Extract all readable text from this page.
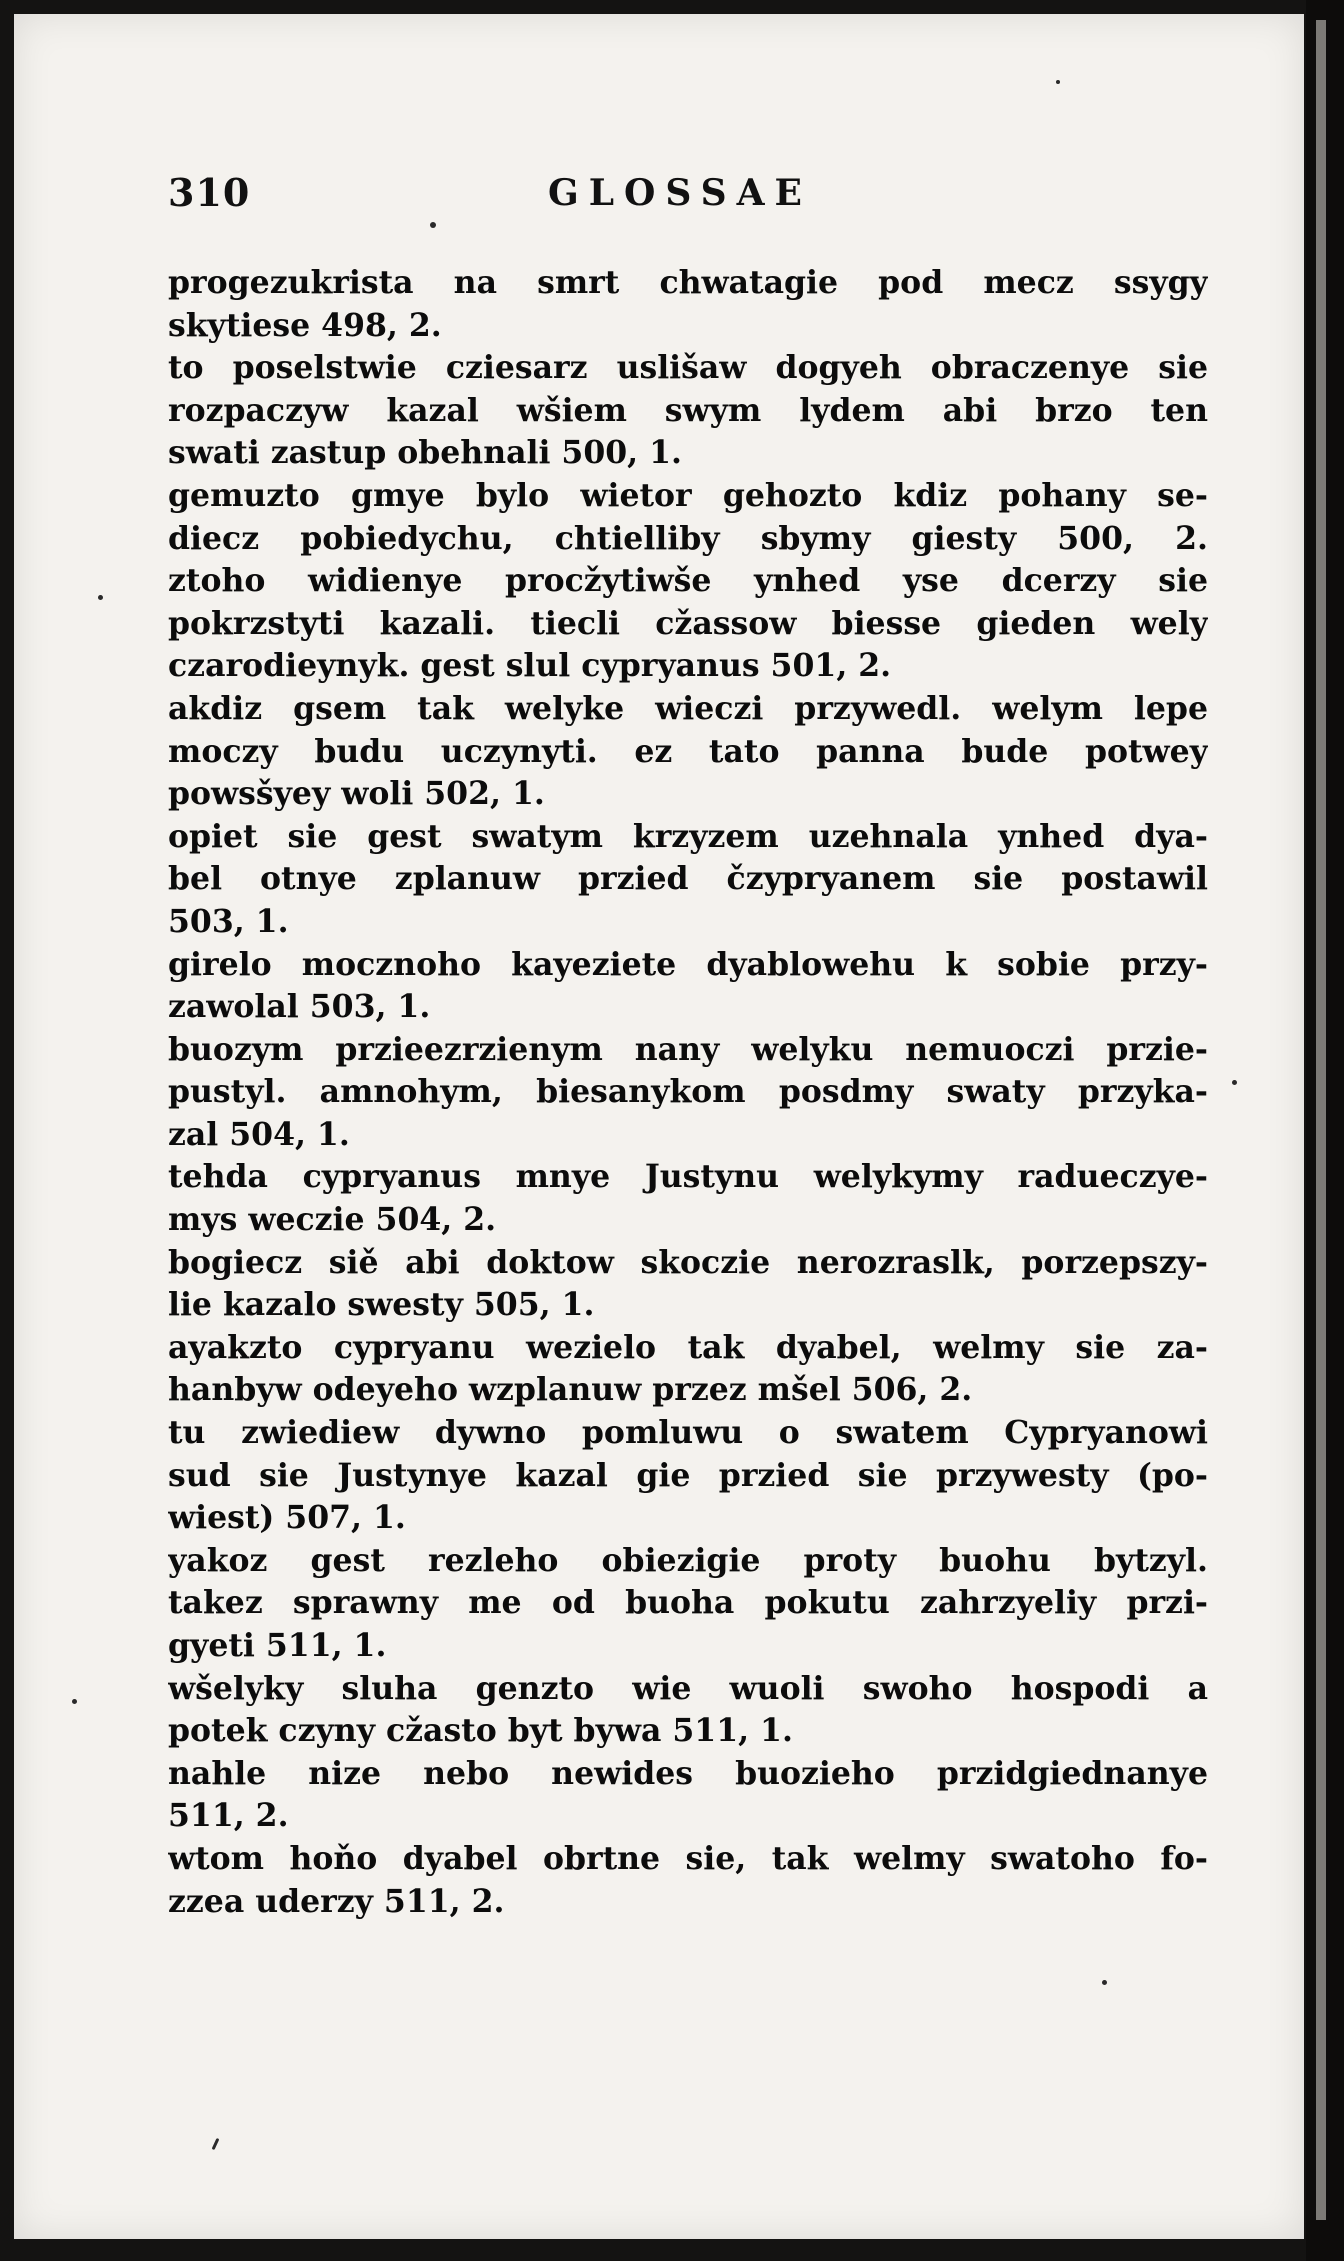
310	GLOSSAE
progezukrista na smrt chwatagie pod mecz ssygy
skytiese 498, 2.
to poselstwie cziesarz uslišaw dogyeh obraczenye sie
rozpaczyw kazal wšiem swym lydem abi brzo ten
swati zastup obehnali 500, 1.
gemuzto gmye bylo wietor gehozto kdiz pohany se-
diecz pobiedychu, chtielliby sbymy giesty 500, 2.
ztoho widienye procžytiwše ynhed yse dcerzy sie
pokrzstyti kazali. tiecli cžassow biesse gieden wely
czarodieynyk. gest slul cypryanus 501, 2.
akdiz gsem tak welyke wieczi przywedl. welym lepe
moczy budu uczynyti. ez tato panna bude potwey
powsšyey woli 502, 1.
opiet sie gest swatym krzyzem uzehnala ynhed dya-
bel otnye zplanuw przied čzypryanem sie postawil
503, 1.
girelo mocznoho kayeziete dyablowehu k sobie przy-
zawolal 503, 1.
buozym przieezrzienym nany welyku nemuoczi przie-
pustyl. amnohym, biesanykom posdmy swaty przyka-
zal 504, 1.
tehda cypryanus mnye Justynu welykymy radueczye-
mys weczie 504, 2.
bogiecz siě abi doktow skoczie nerozraslk, porzepszy-
lie kazalo swesty 505, 1.
ayakzto cypryanu wezielo tak dyabel, welmy sie za-
hanbyw odeyeho wzplanuw przez mšel 506, 2.
tu zwiediew dywno pomluwu o swatem Cypryanowi
sud sie Justynye kazal gie przied sie przywesty (po-
wiest) 507, 1.
yakoz gest rezleho obiezigie prоty buohu bytzyl.
takez sprawny me od buoha pokutu zahrzyeliy przi-
gyeti 511, 1.
wšelyky sluha genzto wie wuoli swoho hospodi a
potek czyny cžasto byt bywa 511, 1.
nahle nize nebo newides buozieho przidgiednanye
511, 2.
wtom hoňo dyabel obrtne sie, tak welmy swatoho fo-
zzea uderzy 511, 2.
